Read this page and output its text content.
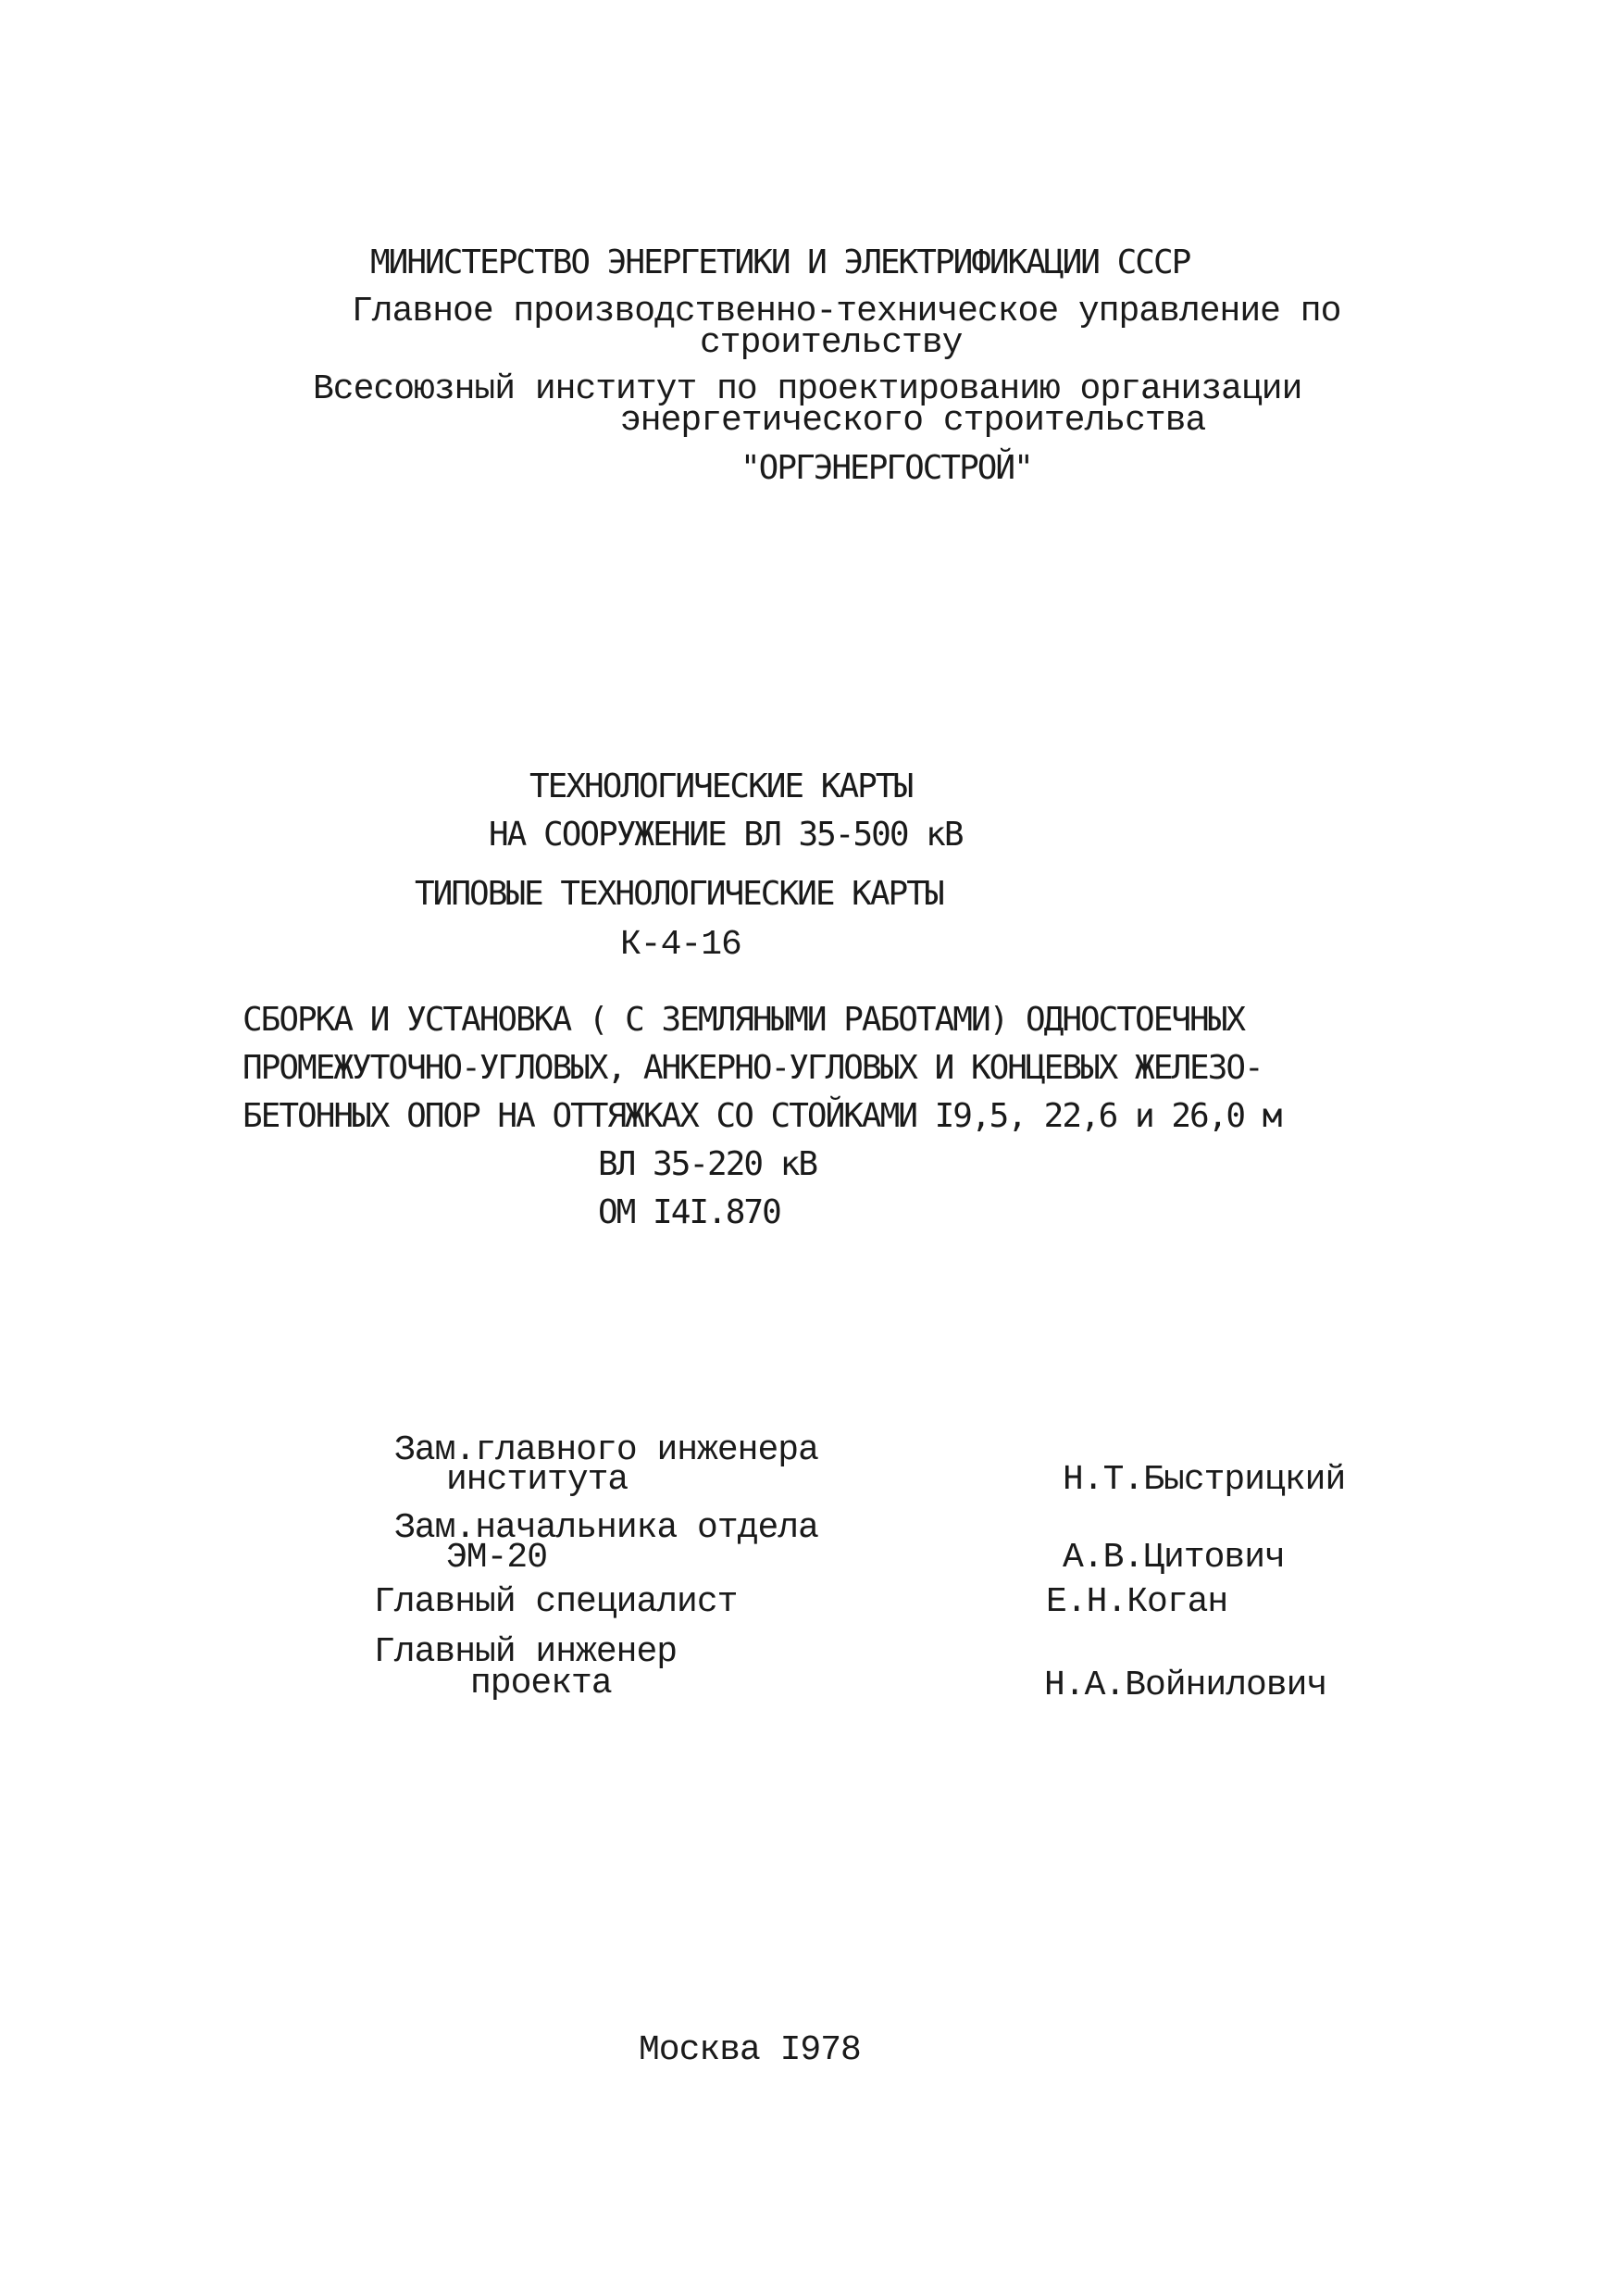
МИНИСТЕРСТВО ЭНЕРГЕТИКИ И ЭЛЕКТРИФИКАЦИИ СССР
Главное производственно-техническое управление по
строительству
Всесоюзный институт по проектированию организации
энергетического строительства
"ОРГЭНЕРГОСТРОЙ"
ТЕХНОЛОГИЧЕСКИЕ КАРТЫ
НА СООРУЖЕНИЕ ВЛ 35-500 кВ
ТИПОВЫЕ ТЕХНОЛОГИЧЕСКИЕ КАРТЫ
К-4-16
СБОРКА И УСТАНОВКА ( С ЗЕМЛЯНЫМИ РАБОТАМИ) ОДНОСТОЕЧНЫХ
ПРОМЕЖУТОЧНО-УГЛОВЫХ, АНКЕРНО-УГЛОВЫХ И КОНЦЕВЫХ ЖЕЛЕЗО-
БЕТОННЫХ ОПОР НА ОТТЯЖКАХ СО СТОЙКАМИ I9,5, 22,6 и 26,0 м
ВЛ 35-220 кВ
ОМ I4I.870
Зам.главного инженера
института	Н.Т.Быстрицкий
Зам.начальника отдела
ЭМ-20	А.В.Цитович
Главный специалист	Е.Н.Коган
Главный инженер
проекта	Н.А.Войнилович
Москва I978
